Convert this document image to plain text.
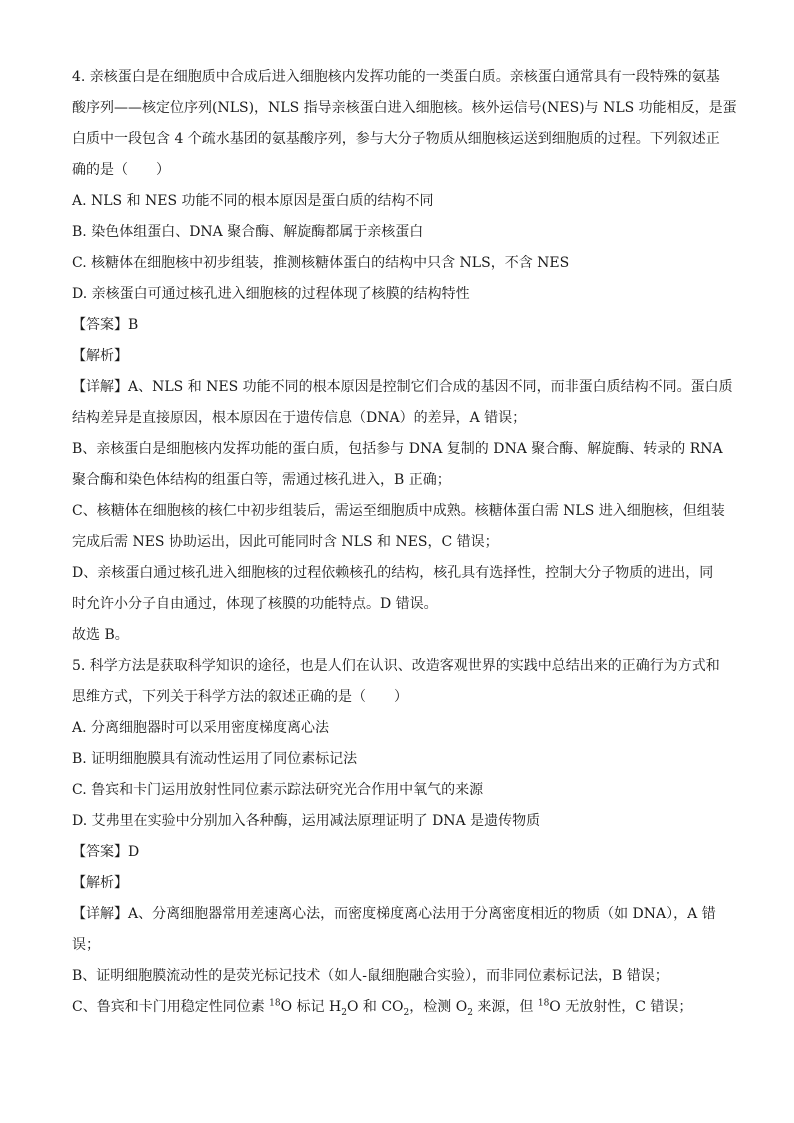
4. 亲核蛋白是在细胞质中合成后进入细胞核内发挥功能的一类蛋白质。亲核蛋白通常具有一段特殊的氨基
酸序列——核定位序列(NLS)，NLS 指导亲核蛋白进入细胞核。核外运信号(NES)与 NLS 功能相反，是蛋
白质中一段包含 4 个疏水基团的氨基酸序列，参与大分子物质从细胞核运送到细胞质的过程。下列叙述正
确的是（　　）
A. NLS 和 NES 功能不同的根本原因是蛋白质的结构不同
B. 染色体组蛋白、DNA 聚合酶、解旋酶都属于亲核蛋白
C. 核糖体在细胞核中初步组装，推测核糖体蛋白的结构中只含 NLS，不含 NES
D. 亲核蛋白可通过核孔进入细胞核的过程体现了核膜的结构特性
【答案】B
【解析】
【详解】A、NLS 和 NES 功能不同的根本原因是控制它们合成的基因不同，而非蛋白质结构不同。蛋白质
结构差异是直接原因，根本原因在于遗传信息（DNA）的差异，A 错误；
B、亲核蛋白是细胞核内发挥功能的蛋白质，包括参与 DNA 复制的 DNA 聚合酶、解旋酶、转录的 RNA
聚合酶和染色体结构的组蛋白等，需通过核孔进入，B 正确；
C、核糖体在细胞核的核仁中初步组装后，需运至细胞质中成熟。核糖体蛋白需 NLS 进入细胞核，但组装
完成后需 NES 协助运出，因此可能同时含 NLS 和 NES，C 错误；
D、亲核蛋白通过核孔进入细胞核的过程依赖核孔的结构，核孔具有选择性，控制大分子物质的进出，同
时允许小分子自由通过，体现了核膜的功能特点。D 错误。
故选 B。
5. 科学方法是获取科学知识的途径，也是人们在认识、改造客观世界的实践中总结出来的正确行为方式和
思维方式，下列关于科学方法的叙述正确的是（　　）
A. 分离细胞器时可以采用密度梯度离心法
B. 证明细胞膜具有流动性运用了同位素标记法
C. 鲁宾和卡门运用放射性同位素示踪法研究光合作用中氧气的来源
D. 艾弗里在实验中分别加入各种酶，运用减法原理证明了 DNA 是遗传物质
【答案】D
【解析】
【详解】A、分离细胞器常用差速离心法，而密度梯度离心法用于分离密度相近的物质（如 DNA），A 错
误；
B、证明细胞膜流动性的是荧光标记技术（如人-鼠细胞融合实验），而非同位素标记法，B 错误；
C、鲁宾和卡门用稳定性同位素 $^{18}$O 标记 $H_2O$ 和 $CO_2$，检测 $O_2$ 来源，但 $^{18}$O 无放射性，C 错误；
